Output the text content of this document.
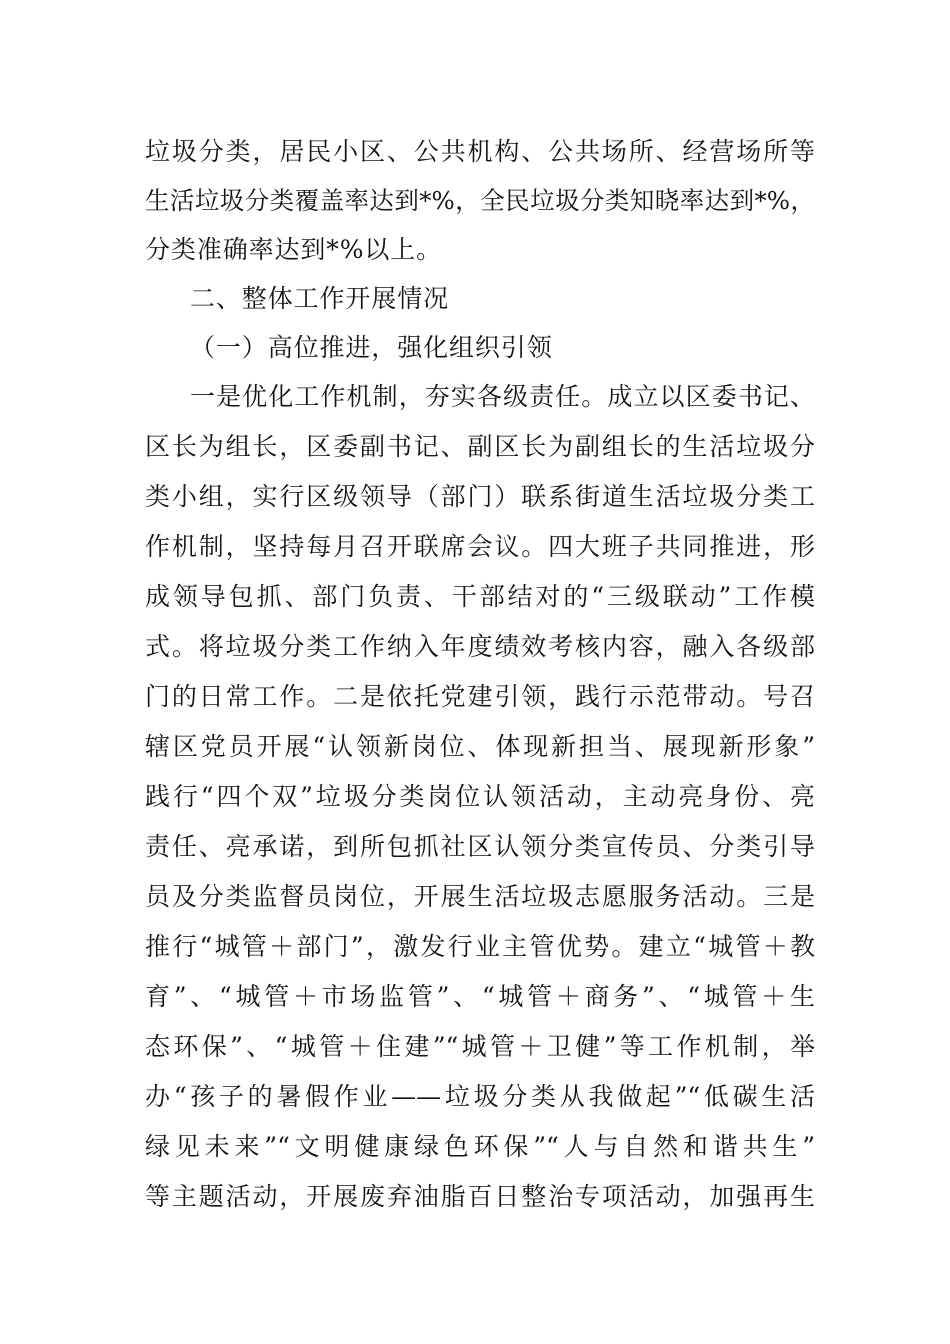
垃圾分类，居民小区、公共机构、公共场所、经营场所等
生活垃圾分类覆盖率达到*%，全民垃圾分类知晓率达到*%，
分类准确率达到*%以上。
二、整体工作开展情况
（一）高位推进，强化组织引领
一是优化工作机制，夯实各级责任。成立以区委书记、
区长为组长，区委副书记、副区长为副组长的生活垃圾分
类小组，实行区级领导（部门）联系街道生活垃圾分类工
作机制，坚持每月召开联席会议。四大班子共同推进，形
成领导包抓、部门负责、干部结对的“三级联动”工作模
式。将垃圾分类工作纳入年度绩效考核内容，融入各级部
门的日常工作。二是依托党建引领，践行示范带动。号召
辖区党员开展“认领新岗位、体现新担当、展现新形象”
践行“四个双”垃圾分类岗位认领活动，主动亮身份、亮
责任、亮承诺，到所包抓社区认领分类宣传员、分类引导
员及分类监督员岗位，开展生活垃圾志愿服务活动。三是
推行“城管＋部门”，激发行业主管优势。建立“城管＋教
育”、“城管＋市场监管”、“城管＋商务”、“城管＋生
态环保”、“城管＋住建”“城管＋卫健”等工作机制，举
办“孩子的暑假作业——垃圾分类从我做起”“低碳生活
绿见未来”“文明健康绿色环保”“人与自然和谐共生”
等主题活动，开展废弃油脂百日整治专项活动，加强再生
